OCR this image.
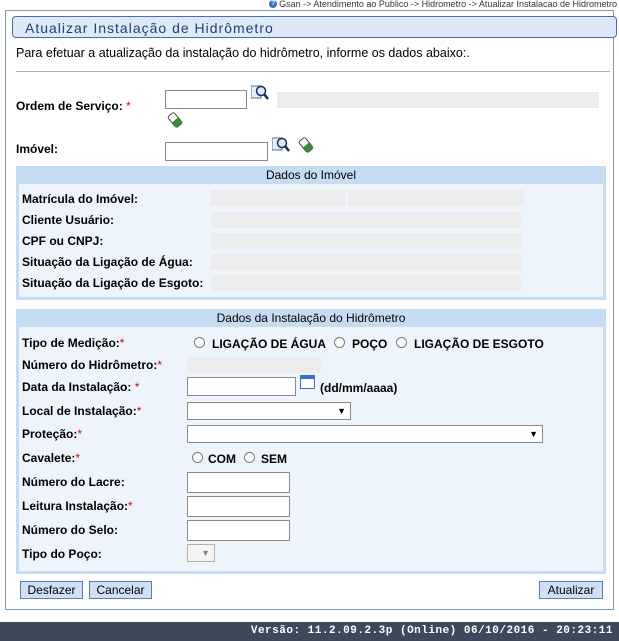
? Gsan -> Atendimento ao Publico -> Hidrometro -> Atualizar Instalacao de Hidrometro
Atualizar Instalação de Hidrômetro
Para efetuar a atualização da instalação do hidrômetro, informe os dados abaixo:.
Ordem de Serviço: *
Imóvel:
Dados do Imóvel
Matrícula do Imóvel:
Cliente Usuário:
CPF ou CNPJ:
Situação da Ligação de Água:
Situação da Ligação de Esgoto:
Dados da Instalação do Hidrômetro
Tipo de Medição:*	LIGAÇÃO DE ÁGUA POÇO LIGAÇÃO DE ESGOTO
Número do Hidrômetro:*
Data da Instalação: *	(dd/mm/aaaa)
Local de Instalação:*	▼
Proteção:*	▼
Cavalete:*	COM SEM
Número do Lacre:
Leitura Instalação:*
Número do Selo:
Tipo do Poço:	▼
Desfazer	Cancelar	Atualizar
Versão: 11.2.09.2.3p (Online) 06/10/2016 - 20:23:11
